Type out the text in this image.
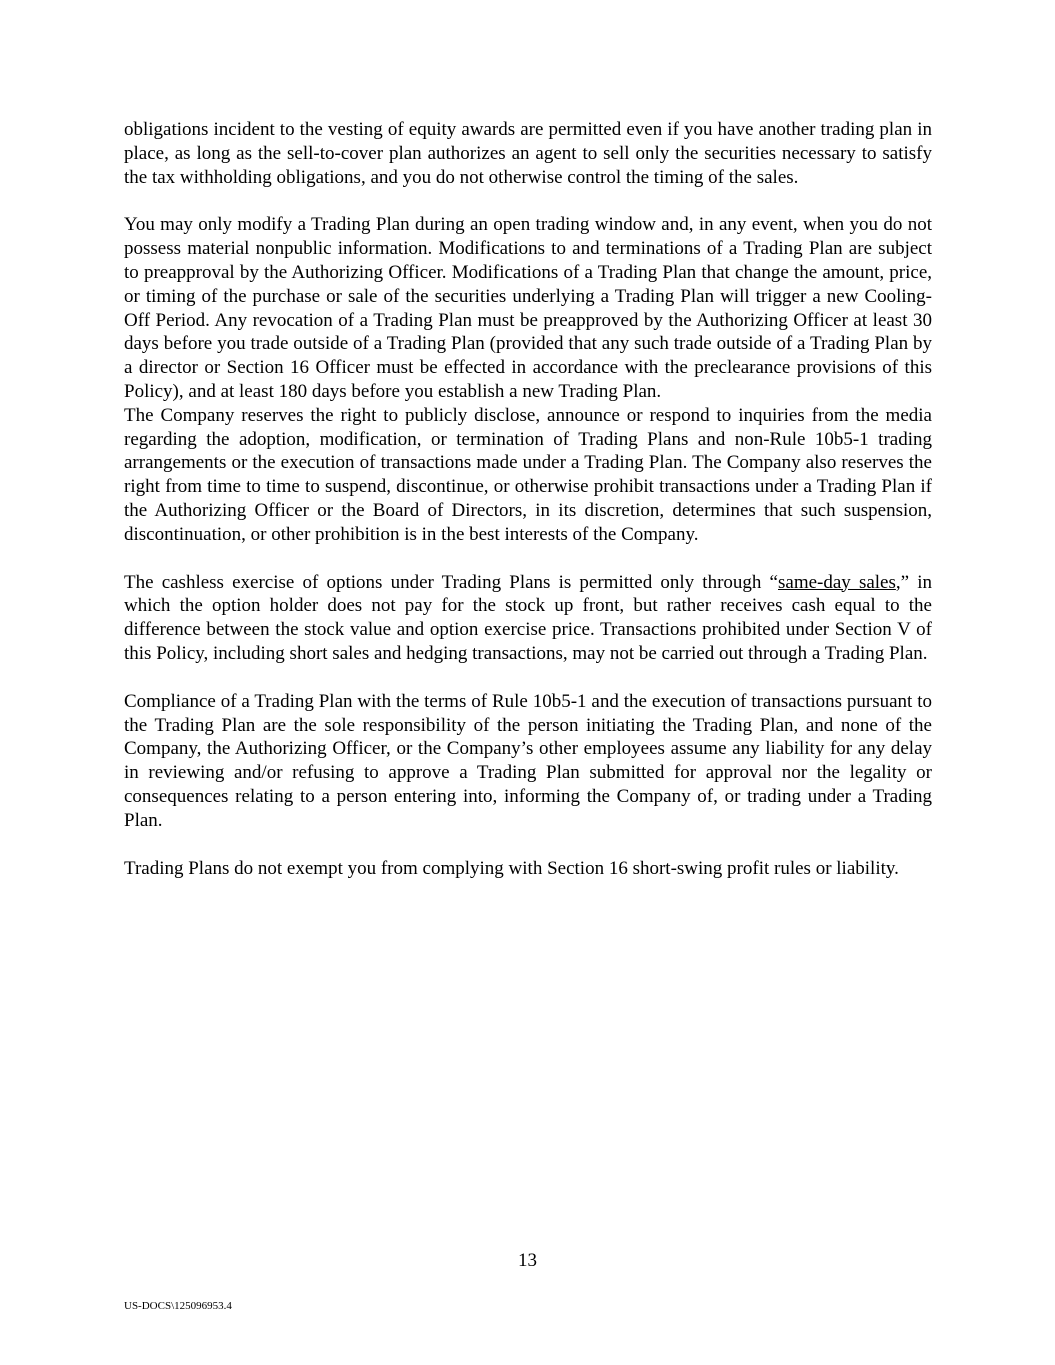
obligations incident to the vesting of equity awards are permitted even if you have another trading plan in place, as long as the sell-to-cover plan authorizes an agent to sell only the securities necessary to satisfy the tax withholding obligations, and you do not otherwise control the timing of the sales.

You may only modify a Trading Plan during an open trading window and, in any event, when you do not possess material nonpublic information. Modifications to and terminations of a Trading Plan are subject to preapproval by the Authorizing Officer. Modifications of a Trading Plan that change the amount, price, or timing of the purchase or sale of the securities underlying a Trading Plan will trigger a new Cooling-Off Period. Any revocation of a Trading Plan must be preapproved by the Authorizing Officer at least 30 days before you trade outside of a Trading Plan (provided that any such trade outside of a Trading Plan by a director or Section 16 Officer must be effected in accordance with the preclearance provisions of this Policy), and at least 180 days before you establish a new Trading Plan.

The Company reserves the right to publicly disclose, announce or respond to inquiries from the media regarding the adoption, modification, or termination of Trading Plans and non-Rule 10b5-1 trading arrangements or the execution of transactions made under a Trading Plan. The Company also reserves the right from time to time to suspend, discontinue, or otherwise prohibit transactions under a Trading Plan if the Authorizing Officer or the Board of Directors, in its discretion, determines that such suspension, discontinuation, or other prohibition is in the best interests of the Company.

The cashless exercise of options under Trading Plans is permitted only through “same-day sales,” in which the option holder does not pay for the stock up front, but rather receives cash equal to the difference between the stock value and option exercise price. Transactions prohibited under Section V of this Policy, including short sales and hedging transactions, may not be carried out through a Trading Plan.

Compliance of a Trading Plan with the terms of Rule 10b5-1 and the execution of transactions pursuant to the Trading Plan are the sole responsibility of the person initiating the Trading Plan, and none of the Company, the Authorizing Officer, or the Company’s other employees assume any liability for any delay in reviewing and/or refusing to approve a Trading Plan submitted for approval nor the legality or consequences relating to a person entering into, informing the Company of, or trading under a Trading Plan.

Trading Plans do not exempt you from complying with Section 16 short-swing profit rules or liability.

13
US-DOCS\125096953.4
